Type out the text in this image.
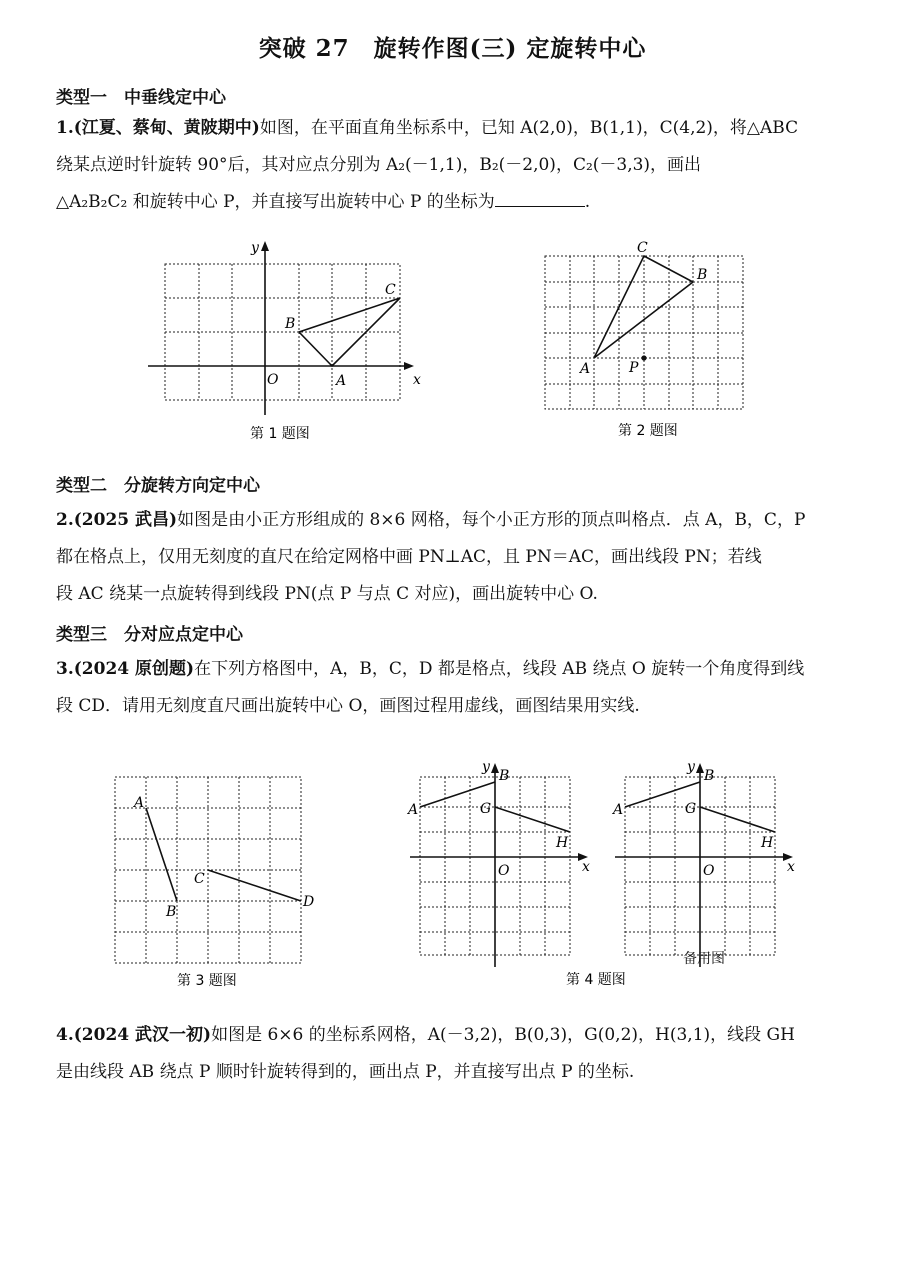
突破 27　旋转作图(三) 定旋转中心
类型一　中垂线定中心
1.(江夏、蔡甸、黄陂期中)如图，在平面直角坐标系中，已知 A(2,0)，B(1,1)，C(4,2)，将△ABC
绕某点逆时针旋转 90°后，其对应点分别为 A₂(－1,1)，B₂(－2,0)，C₂(－3,3)，画出
△A₂B₂C₂ 和旋转中心 P，并直接写出旋转中心 P 的坐标为	.
x
y
O	A
B
C
第 1 题图
A
B
C
P
第 2 题图
类型二　分旋转方向定中心
2.(2025 武昌)如图是由小正方形组成的 8×6 网格，每个小正方形的顶点叫格点．点 A，B，C，P
都在格点上，仅用无刻度的直尺在给定网格中画 PN⊥AC，且 PN＝AC，画出线段 PN；若线
段 AC 绕某一点旋转得到线段 PN(点 P 与点 C 对应)，画出旋转中心 O.
类型三　分对应点定中心
3.(2024 原创题)在下列方格图中，A，B，C，D 都是格点，线段 AB 绕点 O 旋转一个角度得到线
段 CD．请用无刻度直尺画出旋转中心 O，画图过程用虚线，画图结果用实线.
A
B
C
D
第 3 题图
x
y
O
A
B
G
H
第 4 题图
x
y
O
A
B
G
H
备用图
4.(2024 武汉一初)如图是 6×6 的坐标系网格，A(－3,2)，B(0,3)，G(0,2)，H(3,1)，线段 GH
是由线段 AB 绕点 P 顺时针旋转得到的，画出点 P，并直接写出点 P 的坐标.
